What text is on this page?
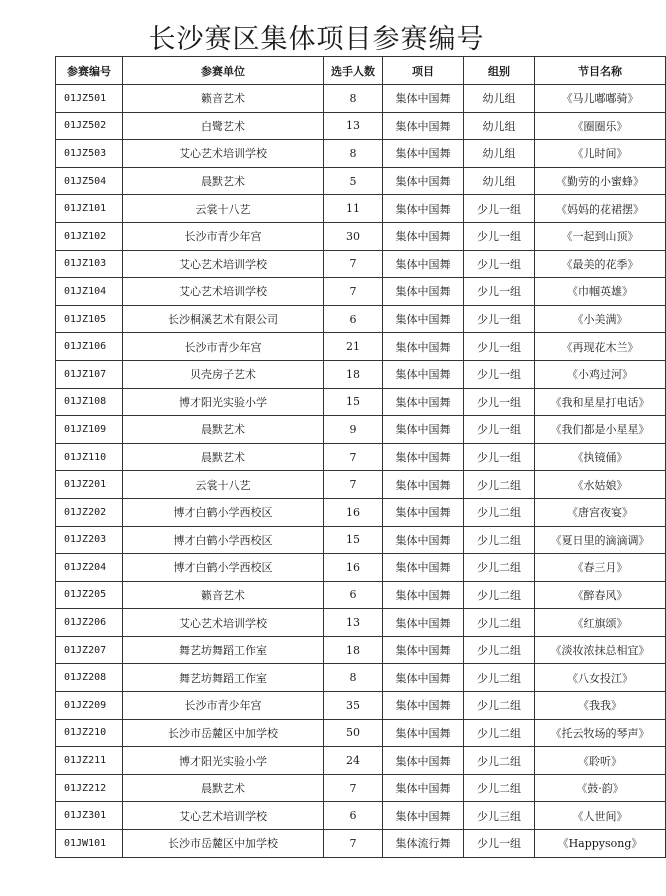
长沙赛区集体项目参赛编号
参赛编号	参赛单位	选手人数	项目	组别	节目名称
01JZ501	籁音艺术	8	集体中国舞	幼儿组	《马儿嘟嘟骑》
01JZ502	白鹭艺术	13	集体中国舞	幼儿组	《圈圈乐》
01JZ503	艾心艺术培训学校	8	集体中国舞	幼儿组	《儿时间》
01JZ504	晨默艺术	5	集体中国舞	幼儿组	《勤劳的小蜜蜂》
01JZ101	云裳十八艺	11	集体中国舞	少儿一组	《妈妈的花裙摆》
01JZ102	长沙市青少年宫	30	集体中国舞	少儿一组	《一起到山顶》
01JZ103	艾心艺术培训学校	7	集体中国舞	少儿一组	《最美的花季》
01JZ104	艾心艺术培训学校	7	集体中国舞	少儿一组	《巾帼英雄》
01JZ105	长沙桐溪艺术有限公司	6	集体中国舞	少儿一组	《小美满》
01JZ106	长沙市青少年宫	21	集体中国舞	少儿一组	《再现花木兰》
01JZ107	贝壳房子艺术	18	集体中国舞	少儿一组	《小鸡过河》
01JZ108	博才阳光实验小学	15	集体中国舞	少儿一组	《我和星星打电话》
01JZ109	晨默艺术	9	集体中国舞	少儿一组	《我们都是小星星》
01JZ110	晨默艺术	7	集体中国舞	少儿一组	《执镜俑》
01JZ201	云裳十八艺	7	集体中国舞	少儿二组	《水姑娘》
01JZ202	博才白鹤小学西校区	16	集体中国舞	少儿二组	《唐宫夜宴》
01JZ203	博才白鹤小学西校区	15	集体中国舞	少儿二组	《夏日里的滴滴调》
01JZ204	博才白鹤小学西校区	16	集体中国舞	少儿二组	《春三月》
01JZ205	籁音艺术	6	集体中国舞	少儿二组	《醉春风》
01JZ206	艾心艺术培训学校	13	集体中国舞	少儿二组	《红旗颂》
01JZ207	舞艺坊舞蹈工作室	18	集体中国舞	少儿二组	《淡妆浓抹总相宜》
01JZ208	舞艺坊舞蹈工作室	8	集体中国舞	少儿二组	《八女投江》
01JZ209	长沙市青少年宫	35	集体中国舞	少儿二组	《我我》
01JZ210	长沙市岳麓区中加学校	50	集体中国舞	少儿二组	《托云牧场的琴声》
01JZ211	博才阳光实验小学	24	集体中国舞	少儿二组	《聆听》
01JZ212	晨默艺术	7	集体中国舞	少儿二组	《鼓·韵》
01JZ301	艾心艺术培训学校	6	集体中国舞	少儿三组	《人世间》
01JW101	长沙市岳麓区中加学校	7	集体流行舞	少儿一组	《Happysong》
